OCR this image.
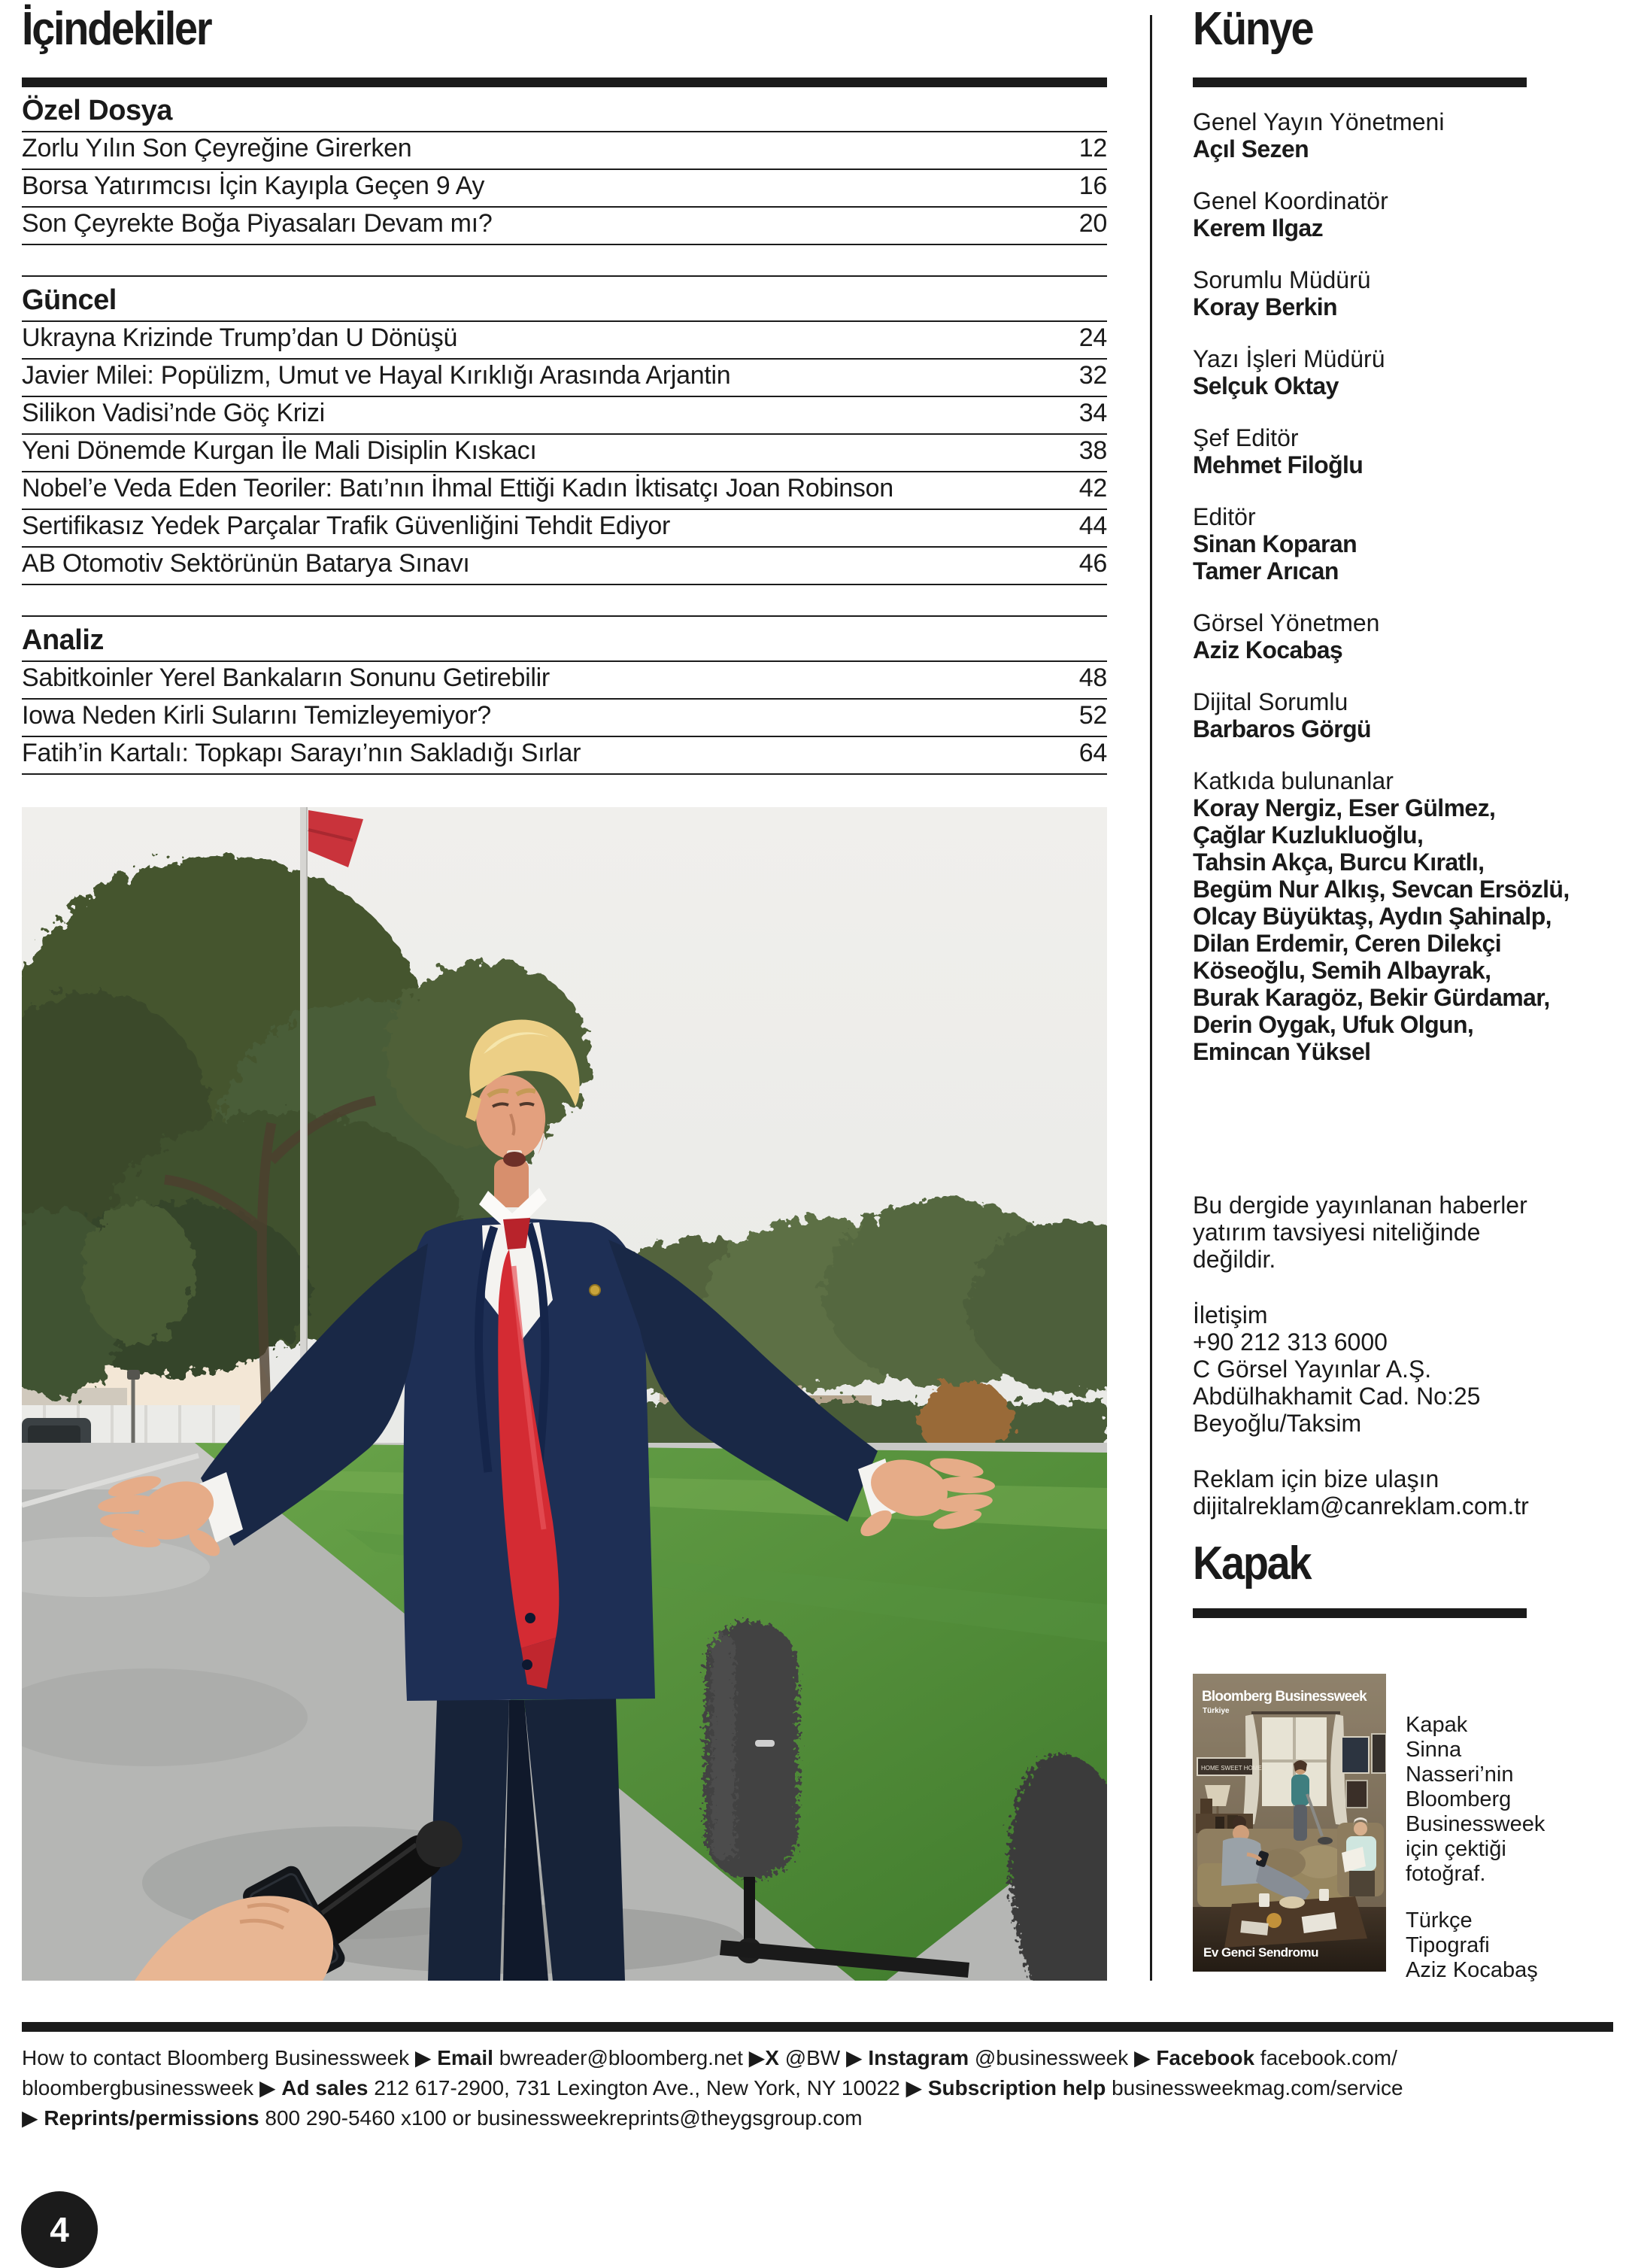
İçindekiler
Özel Dosya
Zorlu Yılın Son Çeyreğine Girerken	12
Borsa Yatırımcısı İçin Kayıpla Geçen 9 Ay	16
Son Çeyrekte Boğa Piyasaları Devam mı?	20
Güncel
Ukrayna Krizinde Trump’dan U Dönüşü	24
Javier Milei: Popülizm, Umut ve Hayal Kırıklığı Arasında Arjantin	32
Silikon Vadisi’nde Göç Krizi	34
Yeni Dönemde Kurgan İle Mali Disiplin Kıskacı	38
Nobel’e Veda Eden Teoriler: Batı’nın İhmal Ettiği Kadın İktisatçı Joan Robinson	42
Sertifikasız Yedek Parçalar Trafik Güvenliğini Tehdit Ediyor	44
AB Otomotiv Sektörünün Batarya Sınavı	46
Analiz
Sabitkoinler Yerel Bankaların Sonunu Getirebilir	48
Iowa Neden Kirli Sularını Temizleyemiyor?	52
Fatih’in Kartalı: Topkapı Sarayı’nın Sakladığı Sırlar	64
Künye
Genel Yayın Yönetmeni
Açıl Sezen
Genel Koordinatör
Kerem Ilgaz
Sorumlu Müdürü
Koray Berkin
Yazı İşleri Müdürü
Selçuk Oktay
Şef Editör
Mehmet Filoğlu
Editör
Sinan Koparan
Tamer Arıcan
Görsel Yönetmen
Aziz Kocabaş
Dijital Sorumlu
Barbaros Görgü
Katkıda bulunanlar
Koray Nergiz, Eser Gülmez,
Çağlar Kuzlukluoğlu,
Tahsin Akça, Burcu Kıratlı,
Begüm Nur Alkış, Sevcan Ersözlü,
Olcay Büyüktaş, Aydın Şahinalp,
Dilan Erdemir, Ceren Dilekçi
Köseoğlu, Semih Albayrak,
Burak Karagöz, Bekir Gürdamar,
Derin Oygak, Ufuk Olgun,
Emincan Yüksel
Bu dergide yayınlanan haberler
yatırım tavsiyesi niteliğinde
değildir.
İletişim
+90 212 313 6000
C Görsel Yayınlar A.Ş.
Abdülhakhamit Cad. No:25
Beyoğlu/Taksim
Reklam için bize ulaşın
dijitalreklam@canreklam.com.tr
Kapak
HOME SWEET HOME
Bloomberg Businessweek
Türkiye
Ev Genci Sendromu
Kapak
Sinna
Nasseri’nin
Bloomberg
Businessweek
için çektiği
fotoğraf.
Türkçe
Tipografi
Aziz Kocabaş
How to contact Bloomberg Businessweek ▶ Email bwreader@bloomberg.net ▶X @BW ▶ Instagram @businessweek ▶ Facebook facebook.com/
bloombergbusinessweek ▶ Ad sales 212 617-2900, 731 Lexington Ave., New York, NY 10022 ▶ Subscription help businessweekmag.com/service
▶ Reprints/permissions 800 290-5460 x100 or businessweekreprints@theygsgroup.com
4
